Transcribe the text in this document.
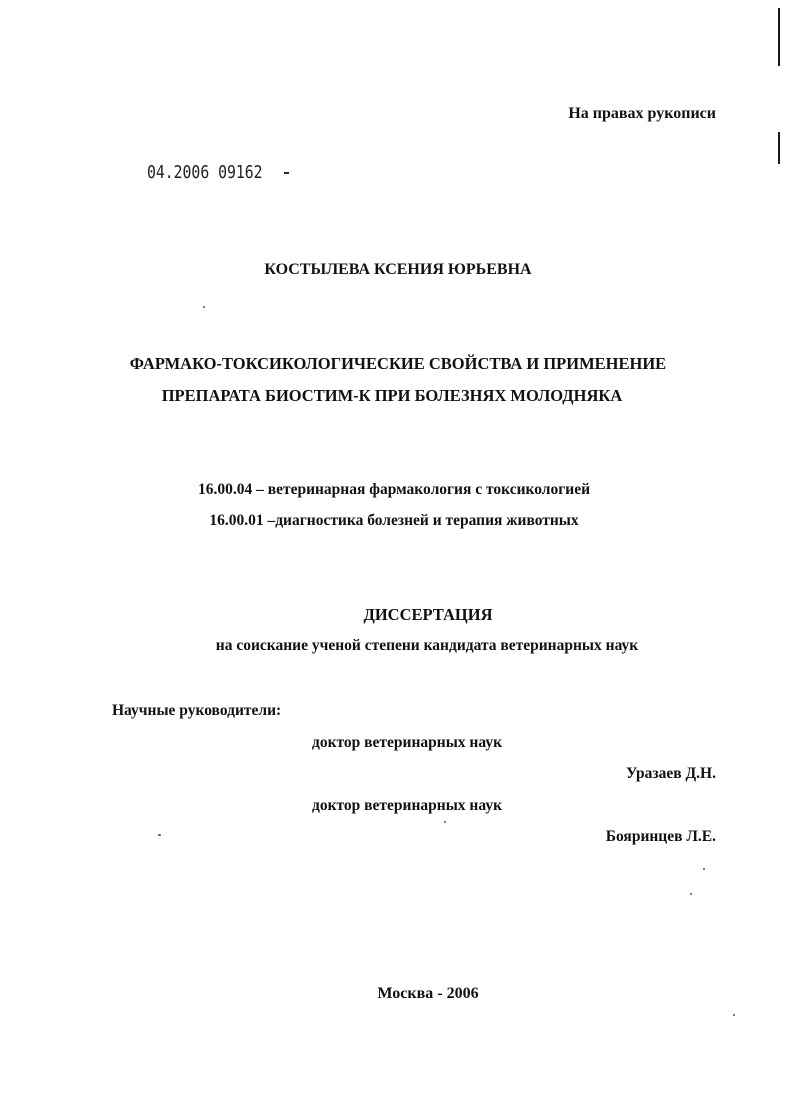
На правах рукописи
04.2006 09162
КОСТЫЛЕВА КСЕНИЯ ЮРЬЕВНА
ФАРМАКО-ТОКСИКОЛОГИЧЕСКИЕ СВОЙСТВА И ПРИМЕНЕНИЕ
ПРЕПАРАТА БИОСТИМ-К ПРИ БОЛЕЗНЯХ МОЛОДНЯКА
16.00.04 – ветеринарная фармакология с токсикологией
16.00.01 –диагностика болезней и терапия животных
ДИССЕРТАЦИЯ
на соискание ученой степени кандидата ветеринарных наук
Научные руководители:
доктор ветеринарных наук
Уразаев Д.Н.
доктор ветеринарных наук
Бояринцев Л.Е.
Москва - 2006
